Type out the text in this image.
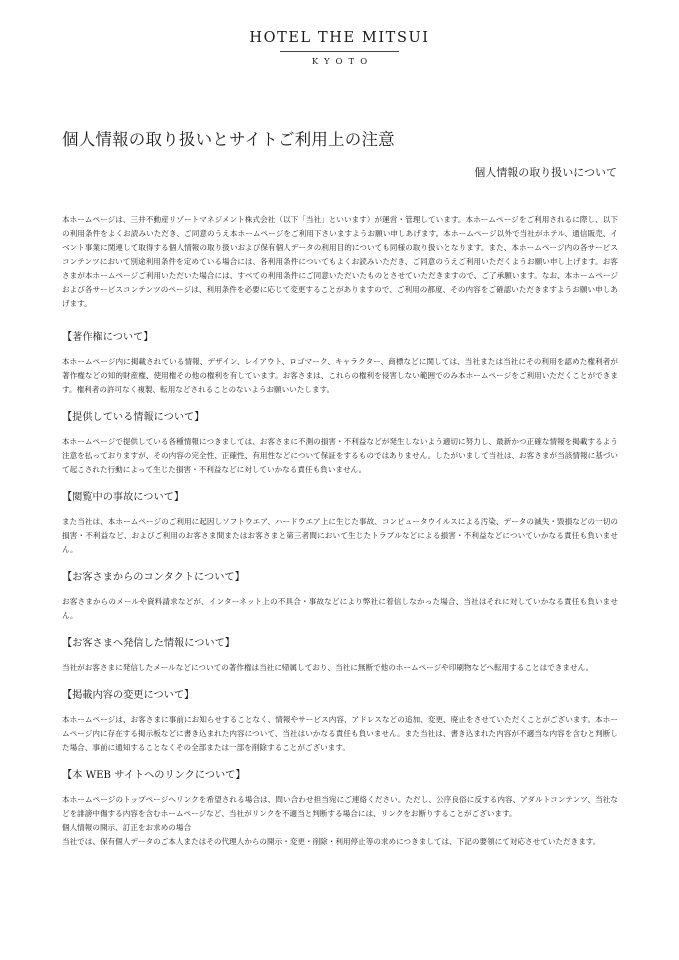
HOTEL THE MITSUI
KYOTO
個人情報の取り扱いとサイトご利用上の注意
個人情報の取り扱いについて

本ホームページは、三井不動産リゾートマネジメント株式会社（以下「当社」といいます）が運営・管理しています。本ホームページをご利用されるに際し、以下の利用条件をよくお読みいただき、ご同意のうえ本ホームページをご利用下さいますようお願い申しあげます。本ホームページ以外で当社がホテル、通信販売、イベント事業に関連して取得する個人情報の取り扱いおよび保有個人データの利用目的についても同様の取り扱いとなります。また、本ホームページ内の各サービスコンテンツにおいて別途利用条件を定めている場合には、各利用条件についてもよくお読みいただき、ご同意のうえご利用いただくようお願い申し上げます。お客さまが本ホームページご利用いただいた場合には、すべての利用条件にご同意いただいたものとさせていただきますので、ご了承願います。なお、本ホームページおよび各サービスコンテンツのページは、利用条件を必要に応じて変更することがありますので、ご利用の都度、その内容をご確認いただきますようお願い申しあげます。

【著作権について】

本ホームページ内に掲載されている情報、デザイン、レイアウト、ロゴマーク、キャラクター、商標などに関しては、当社または当社にその利用を認めた権利者が著作権などの知的財産権、使用権その他の権利を有しています。お客さまは、これらの権利を侵害しない範囲でのみ本ホームページをご利用いただくことができます。権利者の許可なく複製、転用などされることのないようお願いいたします。

【提供している情報について】

本ホームページで提供している各種情報につきましては、お客さまに不測の損害・不利益などが発生しないよう適切に努力し、最新かつ正確な情報を掲載するよう注意を払っておりますが、その内容の完全性、正確性、有用性などについて保証をするものではありません。したがいまして当社は、お客さまが当該情報に基づいて起こされた行動によって生じた損害・不利益などに対していかなる責任も負いません。

【閲覧中の事故について】

また当社は、本ホームページのご利用に起因しソフトウエア、ハードウエア上に生じた事故、コンピュータウイルスによる汚染、データの滅失・毀損などの一切の損害・不利益など、およびご利用のお客さま間またはお客さまと第三者間において生じたトラブルなどによる損害・不利益などについていかなる責任も負いません。

【お客さまからのコンタクトについて】

お客さまからのメールや資料請求などが、インターネット上の不具合・事故などにより弊社に着信しなかった場合、当社はそれに対していかなる責任も負いません。

【お客さまへ発信した情報について】

当社がお客さまに発信したメールなどについての著作権は当社に帰属しており、当社に無断で他のホームページや印刷物などへ転用することはできません。

【掲載内容の変更について】

本ホームページは、お客さまに事前にお知らせすることなく、情報やサービス内容、アドレスなどの追加、変更、廃止をさせていただくことがございます。本ホームページ内に存在する掲示板などに書き込まれた内容について、当社はいかなる責任も負いません。また当社は、書き込まれた内容が不適当な内容を含むと判断した場合、事前に通知することなくその全部または一部を削除することがございます。

【本 WEB サイトへのリンクについて】

本ホームページのトップページへリンクを希望される場合は、問い合わせ担当宛にご連絡ください。ただし、公序良俗に反する内容、アダルトコンテンツ、当社などを誹謗中傷する内容を含むホームページなど、当社がリンクを不適当と判断する場合には、リンクをお断りすることがございます。

個人情報の開示、訂正をお求めの場合

当社では、保有個人データのご本人またはその代理人からの開示・変更・削除・利用停止等の求めにつきましては、下記の要領にて対応させていただきます。
